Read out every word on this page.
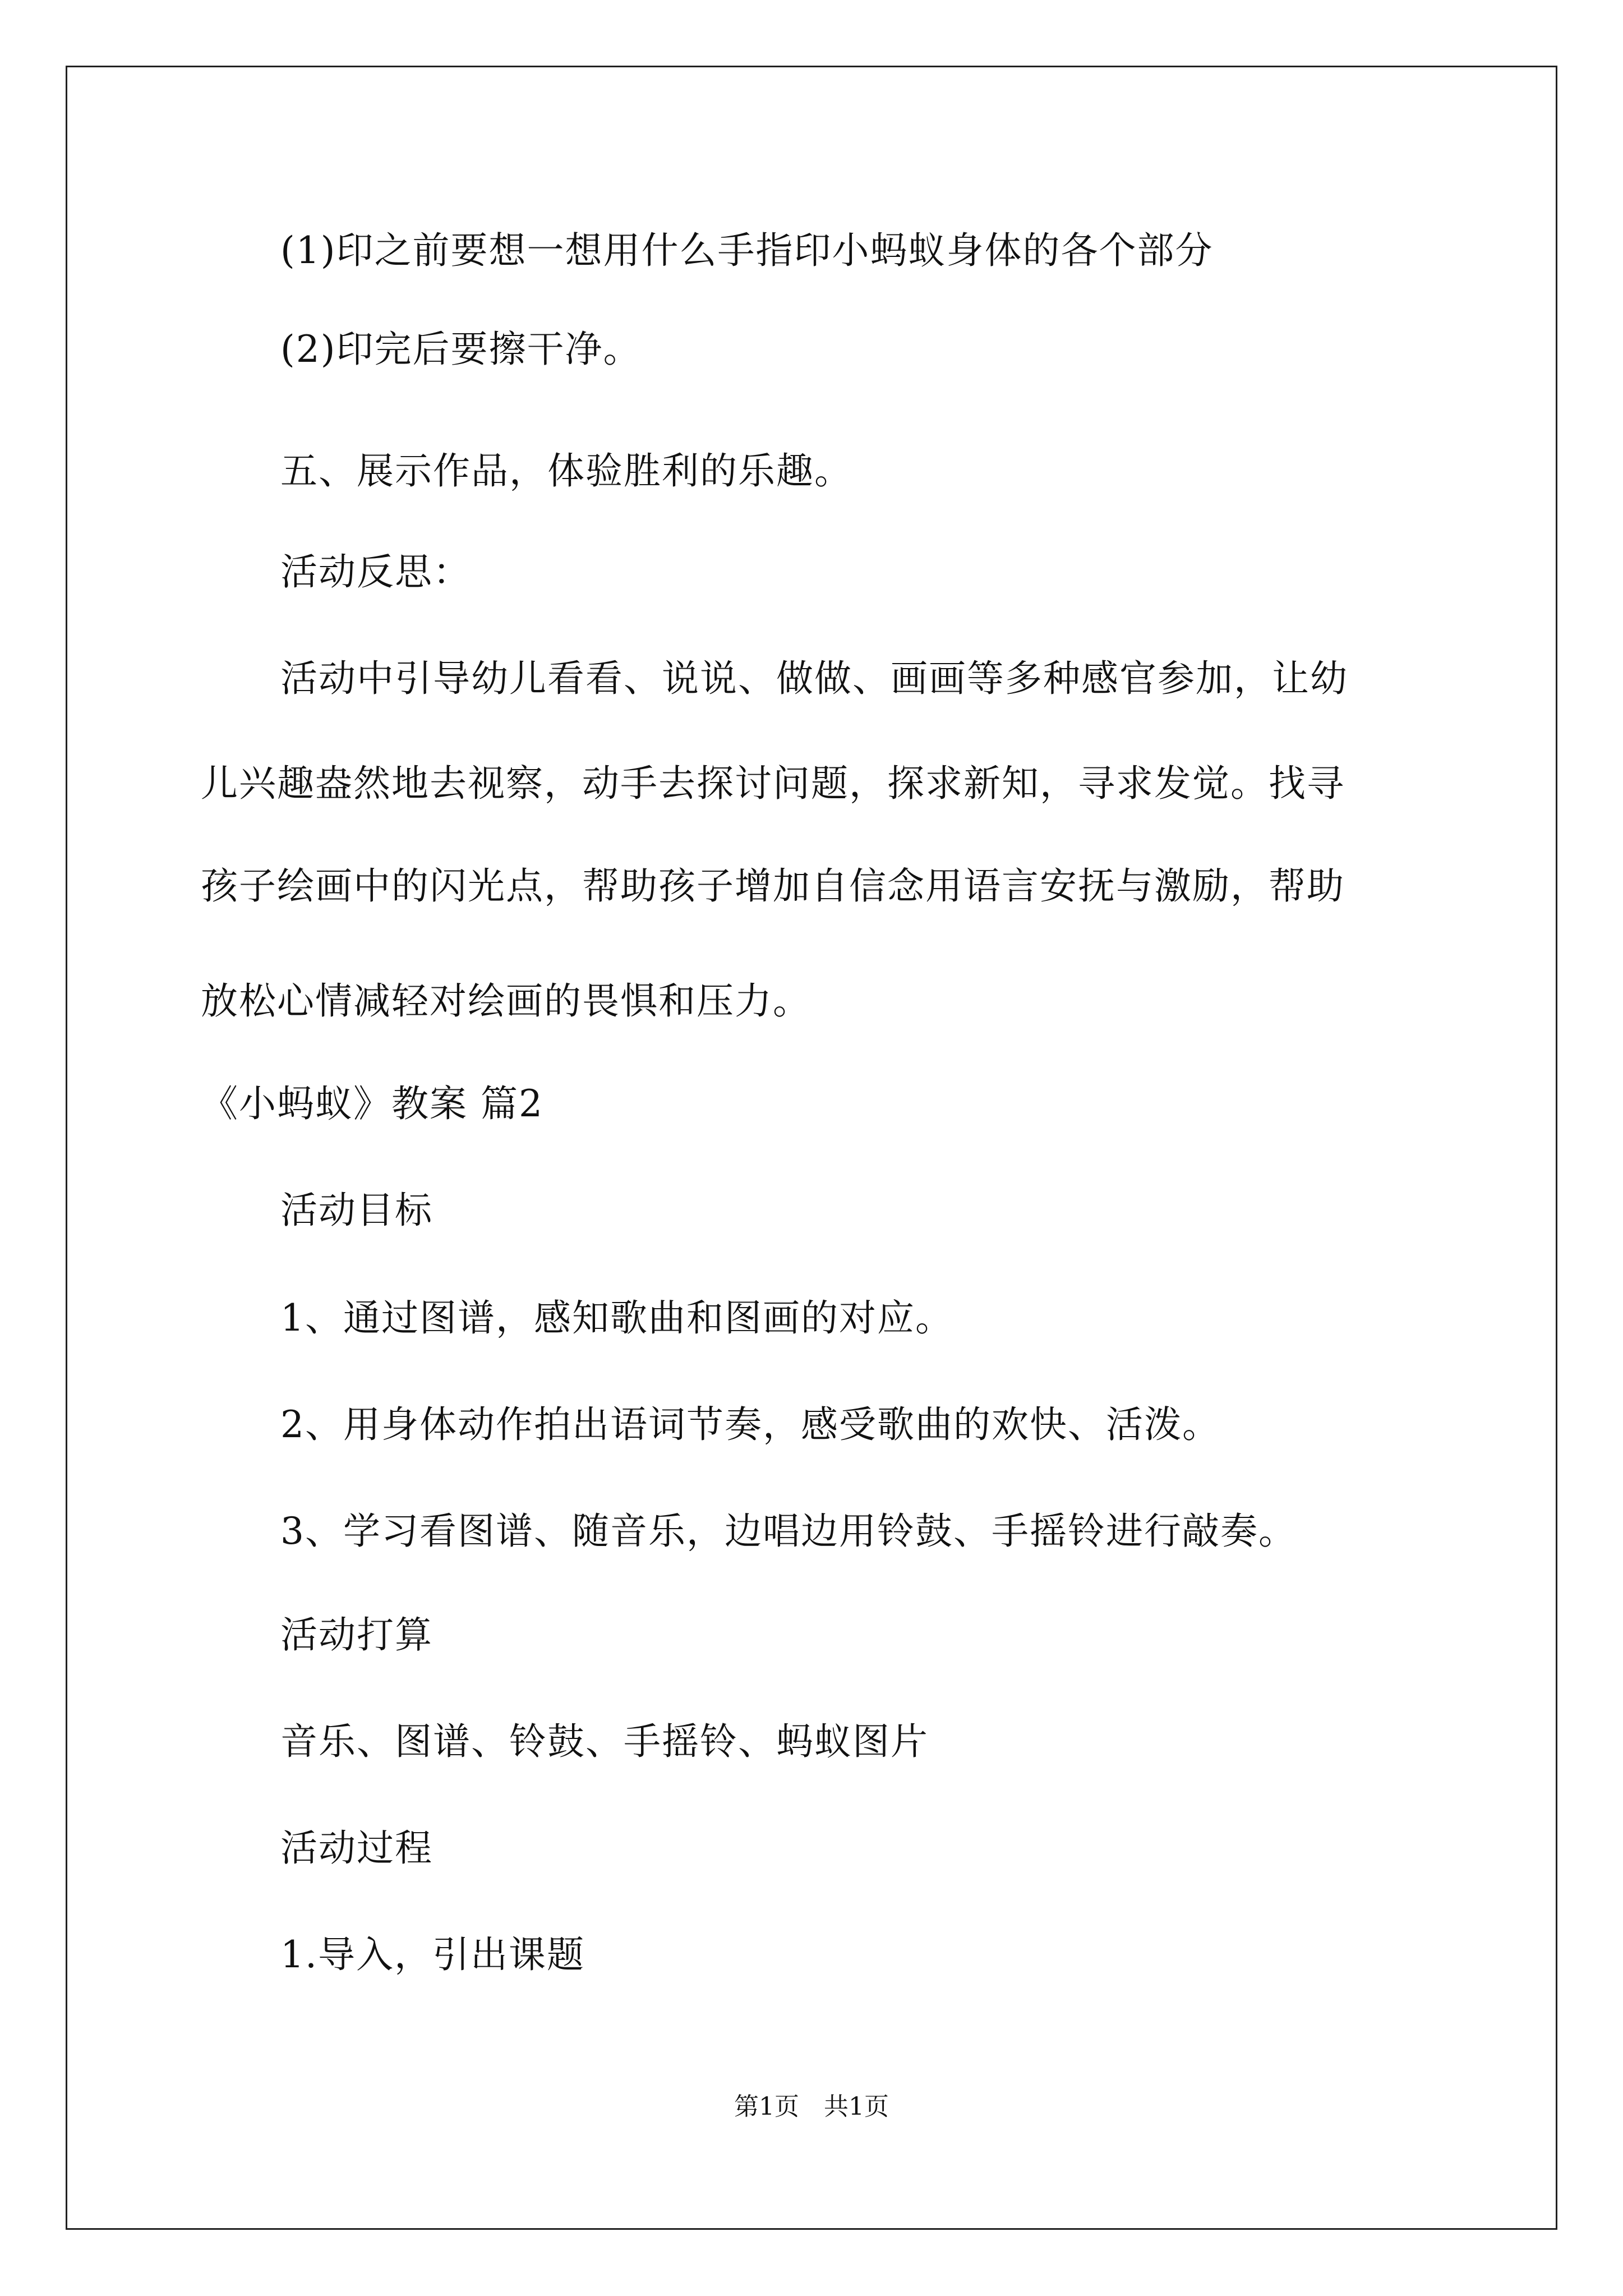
(1)印之前要想一想用什么手指印小蚂蚁身体的各个部分
(2)印完后要擦干净。
五、展示作品，体验胜利的乐趣。
活动反思：
活动中引导幼儿看看、说说、做做、画画等多种感官参加，让幼
儿兴趣盎然地去视察，动手去探讨问题，探求新知，寻求发觉。找寻
孩子绘画中的闪光点，帮助孩子增加自信念用语言安抚与激励，帮助
放松心情减轻对绘画的畏惧和压力。
《小蚂蚁》教案 篇2
活动目标
1、通过图谱，感知歌曲和图画的对应。
2、用身体动作拍出语词节奏，感受歌曲的欢快、活泼。
3、学习看图谱、随音乐，边唱边用铃鼓、手摇铃进行敲奏。
活动打算
音乐、图谱、铃鼓、手摇铃、蚂蚁图片
活动过程
1.导入，引出课题
第1页　共1页
